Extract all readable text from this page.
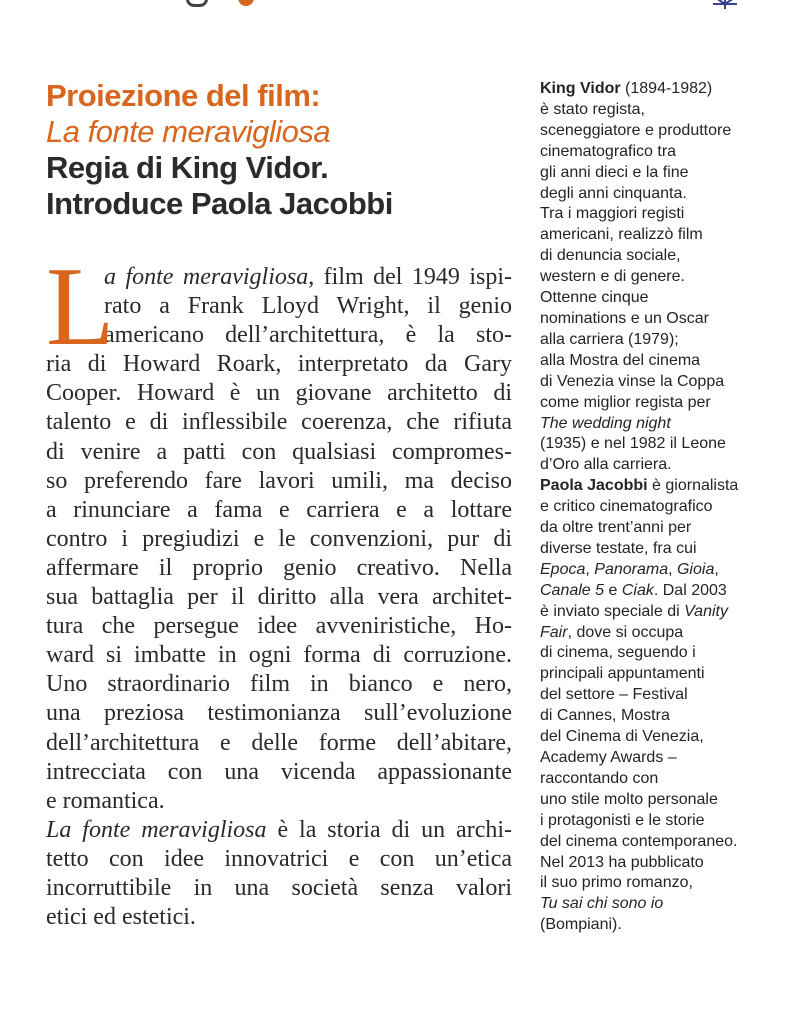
Proiezione del film:
La fonte meravigliosa
Regia di King Vidor.
Introduce Paola Jacobbi
L
a fonte meravigliosa, film del 1949 ispi-
rato a Frank Lloyd Wright, il genio
americano dell’architettura, è la sto-
ria di Howard Roark, interpretato da Gary
Cooper. Howard è un giovane architetto di
talento e di inflessibile coerenza, che rifiuta
di venire a patti con qualsiasi compromes-
so preferendo fare lavori umili, ma deciso
a rinunciare a fama e carriera e a lottare
contro i pregiudizi e le convenzioni, pur di
affermare il proprio genio creativo. Nella
sua battaglia per il diritto alla vera architet-
tura che persegue idee avveniristiche, Ho-
ward si imbatte in ogni forma di corruzione.
Uno straordinario film in bianco e nero,
una preziosa testimonianza sull’evoluzione
dell’architettura e delle forme dell’abitare,
intrecciata con una vicenda appassionante
e romantica.
La fonte meravigliosa è la storia di un archi-
tetto con idee innovatrici e con un’etica
incorruttibile in una società senza valori
etici ed estetici.
King Vidor (1894-1982)
è stato regista,
sceneggiatore e produttore
cinematografico tra
gli anni dieci e la fine
degli anni cinquanta.
Tra i maggiori registi
americani, realizzò film
di denuncia sociale,
western e di genere.
Ottenne cinque
nominations e un Oscar
alla carriera (1979);
alla Mostra del cinema
di Venezia vinse la Coppa
come miglior regista per
The wedding night
(1935) e nel 1982 il Leone
d’Oro alla carriera.
Paola Jacobbi è giornalista
e critico cinematografico
da oltre trent’anni per
diverse testate, fra cui
Epoca, Panorama, Gioia,
Canale 5 e Ciak. Dal 2003
è inviato speciale di Vanity
Fair, dove si occupa
di cinema, seguendo i
principali appuntamenti
del settore – Festival
di Cannes, Mostra
del Cinema di Venezia,
Academy Awards –
raccontando con
uno stile molto personale
i protagonisti e le storie
del cinema contemporaneo.
Nel 2013 ha pubblicato
il suo primo romanzo,
Tu sai chi sono io
(Bompiani).
